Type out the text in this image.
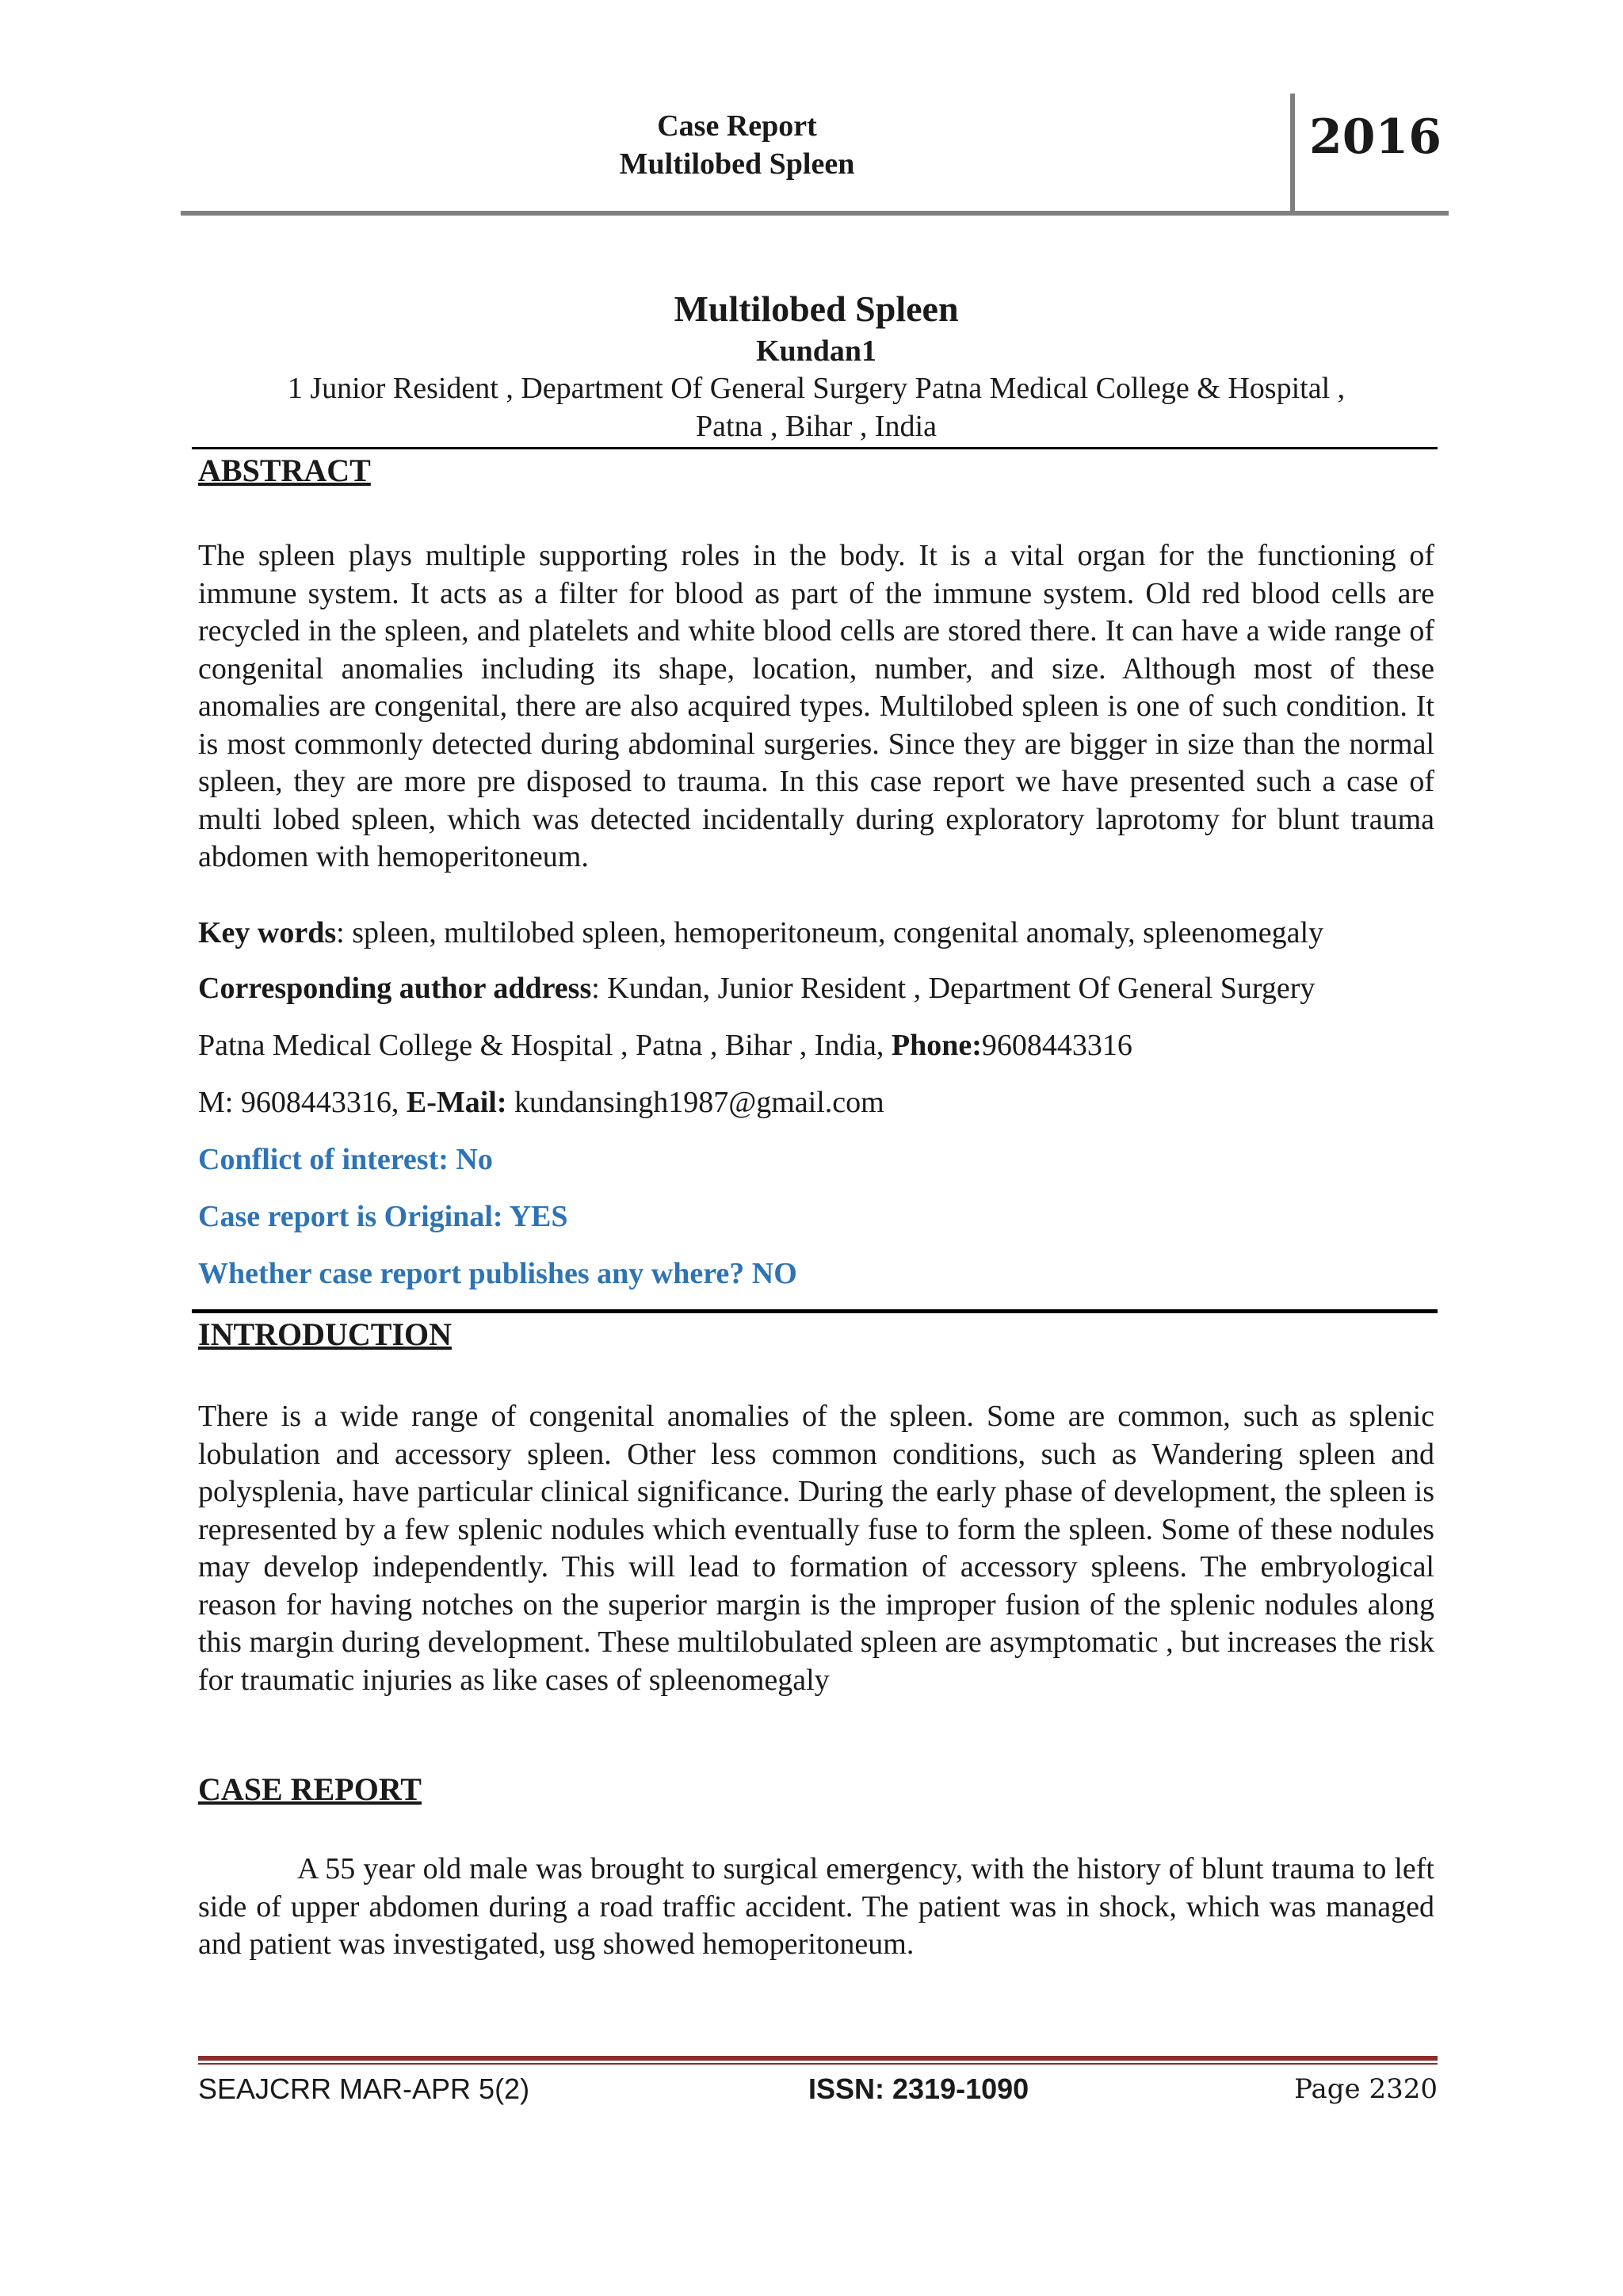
Case Report
Multilobed Spleen	2016
Multilobed Spleen
Kundan1
1 Junior Resident , Department Of General Surgery Patna Medical College & Hospital ,
Patna , Bihar , India
ABSTRACT
The spleen plays multiple supporting roles in the body. It is a vital organ for the functioning of immune system. It acts as a filter for blood as part of the immune system. Old red blood cells are recycled in the spleen, and platelets and white blood cells are stored there. It can have a wide range of congenital anomalies including its shape, location, number, and size. Although most of these anomalies are congenital, there are also acquired types. Multilobed spleen is one of such condition. It is most commonly detected during abdominal surgeries. Since they are bigger in size than the normal spleen, they are more pre disposed to trauma. In this case report we have presented such a case of multi lobed spleen, which was detected incidentally during exploratory laprotomy for blunt trauma abdomen with hemoperitoneum.
Key words: spleen, multilobed spleen, hemoperitoneum, congenital anomaly, spleenomegaly
Corresponding author address: Kundan, Junior Resident , Department Of General Surgery
Patna Medical College & Hospital , Patna , Bihar , India, Phone:9608443316
M: 9608443316, E-Mail: kundansingh1987@gmail.com
Conflict of interest: No
Case report is Original: YES
Whether case report publishes any where? NO
INTRODUCTION
There is a wide range of congenital anomalies of the spleen. Some are common, such as splenic lobulation and accessory spleen. Other less common conditions, such as Wandering spleen and polysplenia, have particular clinical significance. During the early phase of development, the spleen is represented by a few splenic nodules which eventually fuse to form the spleen. Some of these nodules may develop independently. This will lead to formation of accessory spleens. The embryological reason for having notches on the superior margin is the improper fusion of the splenic nodules along this margin during development. These multilobulated spleen are asymptomatic , but increases the risk for traumatic injuries as like cases of spleenomegaly
CASE REPORT
A 55 year old male was brought to surgical emergency, with the history of blunt trauma to left side of upper abdomen during a road traffic accident. The patient was in shock, which was managed and patient was investigated, usg showed hemoperitoneum.
SEAJCRR MAR-APR 5(2)	ISSN: 2319-1090	Page 2320
